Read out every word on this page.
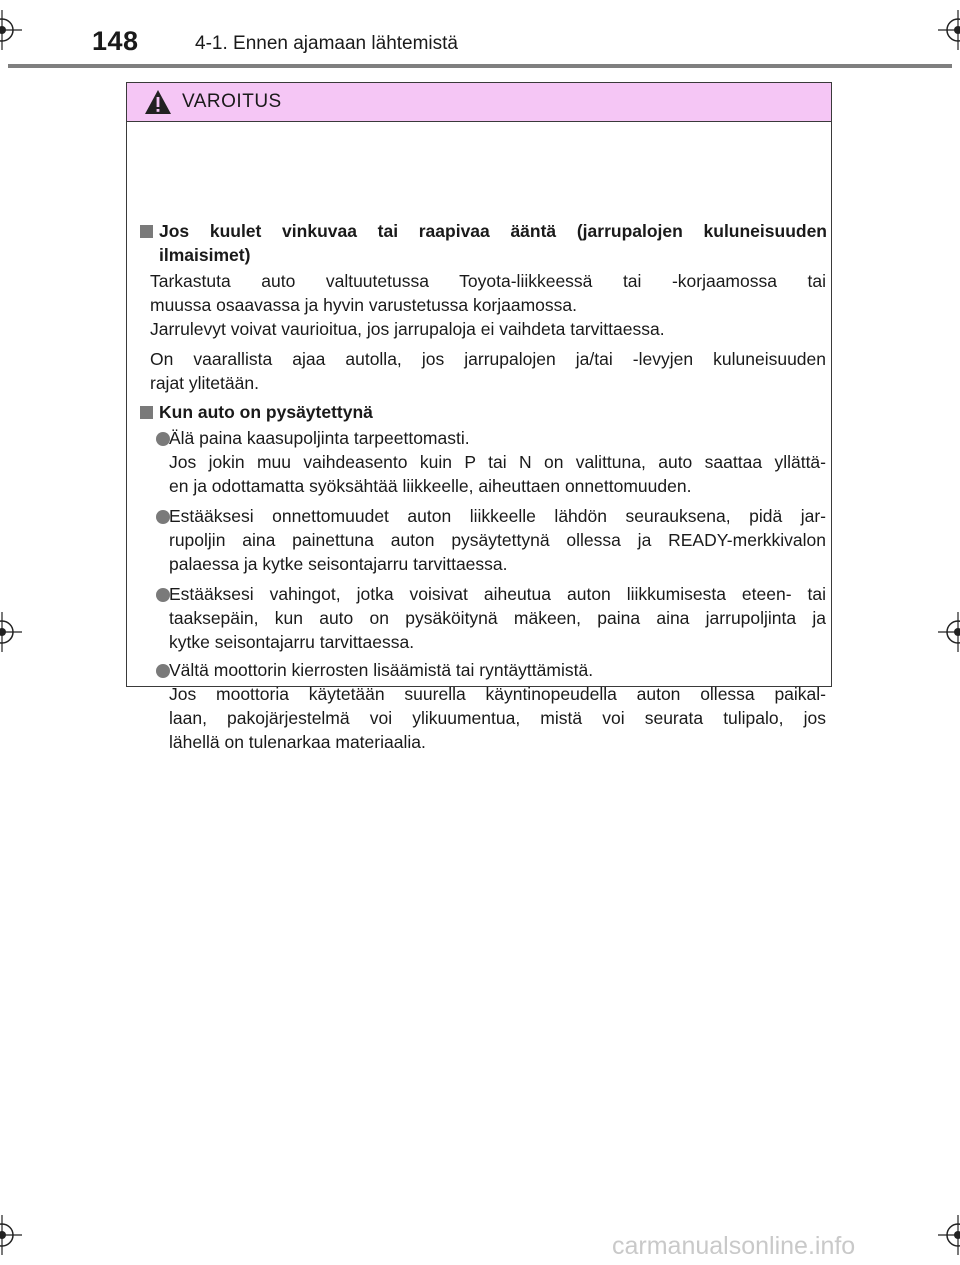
148	4-1. Ennen ajamaan lähtemistä
VAROITUS
Jos kuulet vinkuvaa tai raapivaa ääntä (jarrupalojen kuluneisuuden
ilmaisimet)
Tarkastuta auto valtuutetussa Toyota-liikkeessä tai -korjaamossa tai
muussa osaavassa ja hyvin varustetussa korjaamossa.
Jarrulevyt voivat vaurioitua, jos jarrupaloja ei vaihdeta tarvittaessa.
On vaarallista ajaa autolla, jos jarrupalojen ja/tai -levyjen kuluneisuuden
rajat ylitetään.
Kun auto on pysäytettynä
Älä paina kaasupoljinta tarpeettomasti.
Jos jokin muu vaihdeasento kuin P tai N on valittuna, auto saattaa yllättä-
en ja odottamatta syöksähtää liikkeelle, aiheuttaen onnettomuuden.
Estääksesi onnettomuudet auton liikkeelle lähdön seurauksena, pidä jar-
rupoljin aina painettuna auton pysäytettynä ollessa ja READY-merkkivalon
palaessa ja kytke seisontajarru tarvittaessa.
Estääksesi vahingot, jotka voisivat aiheutua auton liikkumisesta eteen- tai
taaksepäin, kun auto on pysäköitynä mäkeen, paina aina jarrupoljinta ja
kytke seisontajarru tarvittaessa.
Vältä moottorin kierrosten lisäämistä tai ryntäyttämistä.
Jos moottoria käytetään suurella käyntinopeudella auton ollessa paikal-
laan, pakojärjestelmä voi ylikuumentua, mistä voi seurata tulipalo, jos
lähellä on tulenarkaa materiaalia.
carmanualsonline.info
